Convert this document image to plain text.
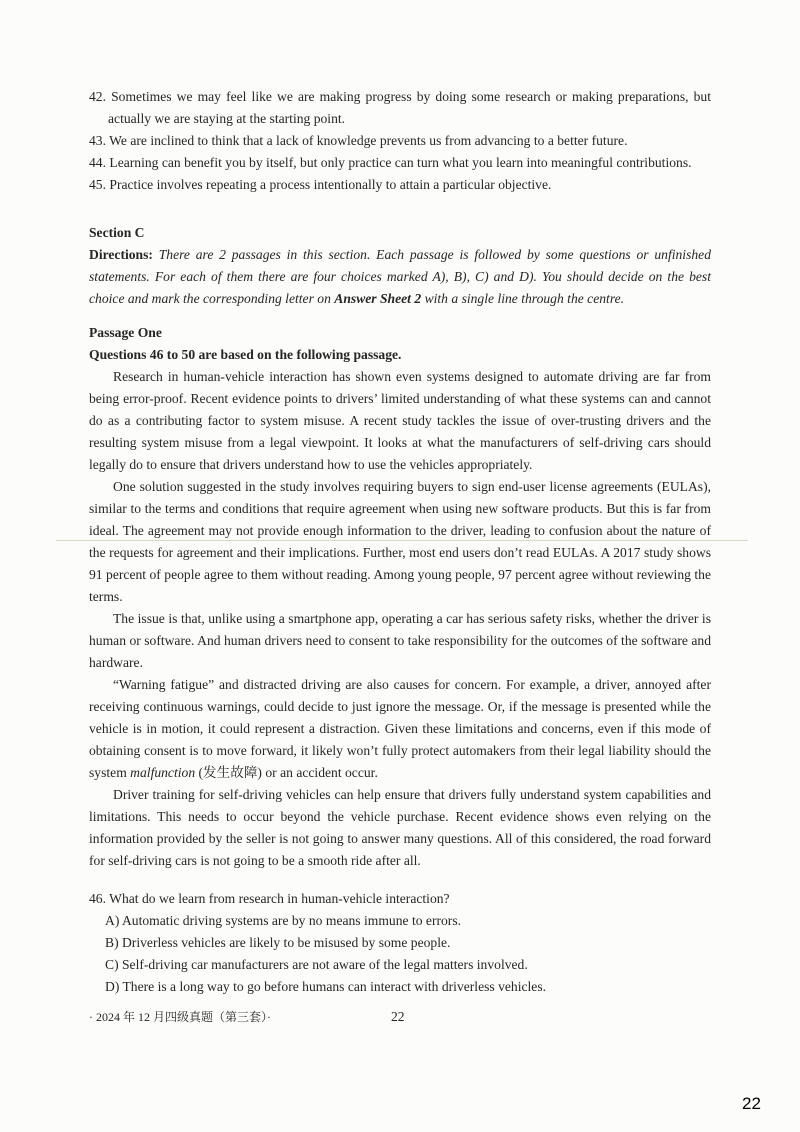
42. Sometimes we may feel like we are making progress by doing some research or making preparations, but actually we are staying at the starting point.

43. We are inclined to think that a lack of knowledge prevents us from advancing to a better future.

44. Learning can benefit you by itself, but only practice can turn what you learn into meaningful contributions.

45. Practice involves repeating a process intentionally to attain a particular objective.

Section C

Directions: There are 2 passages in this section. Each passage is followed by some questions or unfinished statements. For each of them there are four choices marked A), B), C) and D). You should decide on the best choice and mark the corresponding letter on Answer Sheet 2 with a single line through the centre.

Passage One

Questions 46 to 50 are based on the following passage.

Research in human-vehicle interaction has shown even systems designed to automate driving are far from being error-proof. Recent evidence points to drivers’ limited understanding of what these systems can and cannot do as a contributing factor to system misuse. A recent study tackles the issue of over-trusting drivers and the resulting system misuse from a legal viewpoint. It looks at what the manufacturers of self-driving cars should legally do to ensure that drivers understand how to use the vehicles appropriately.

One solution suggested in the study involves requiring buyers to sign end-user license agreements (EULAs), similar to the terms and conditions that require agreement when using new software products. But this is far from ideal. The agreement may not provide enough information to the driver, leading to confusion about the nature of the requests for agreement and their implications. Further, most end users don’t read EULAs. A 2017 study shows 91 percent of people agree to them without reading. Among young people, 97 percent agree without reviewing the terms.

The issue is that, unlike using a smartphone app, operating a car has serious safety risks, whether the driver is human or software. And human drivers need to consent to take responsibility for the outcomes of the software and hardware.

“Warning fatigue” and distracted driving are also causes for concern. For example, a driver, annoyed after receiving continuous warnings, could decide to just ignore the message. Or, if the message is presented while the vehicle is in motion, it could represent a distraction. Given these limitations and concerns, even if this mode of obtaining consent is to move forward, it likely won’t fully protect automakers from their legal liability should the system malfunction (发生故障) or an accident occur.

Driver training for self-driving vehicles can help ensure that drivers fully understand system capabilities and limitations. This needs to occur beyond the vehicle purchase. Recent evidence shows even relying on the information provided by the seller is not going to answer many questions. All of this considered, the road forward for self-driving cars is not going to be a smooth ride after all.

46. What do we learn from research in human-vehicle interaction?

A) Automatic driving systems are by no means immune to errors.

B) Driverless vehicles are likely to be misused by some people.

C) Self-driving car manufacturers are not aware of the legal matters involved.

D) There is a long way to go before humans can interact with driverless vehicles.

· 2024 年 12 月四级真题（第三套）·	22
22
